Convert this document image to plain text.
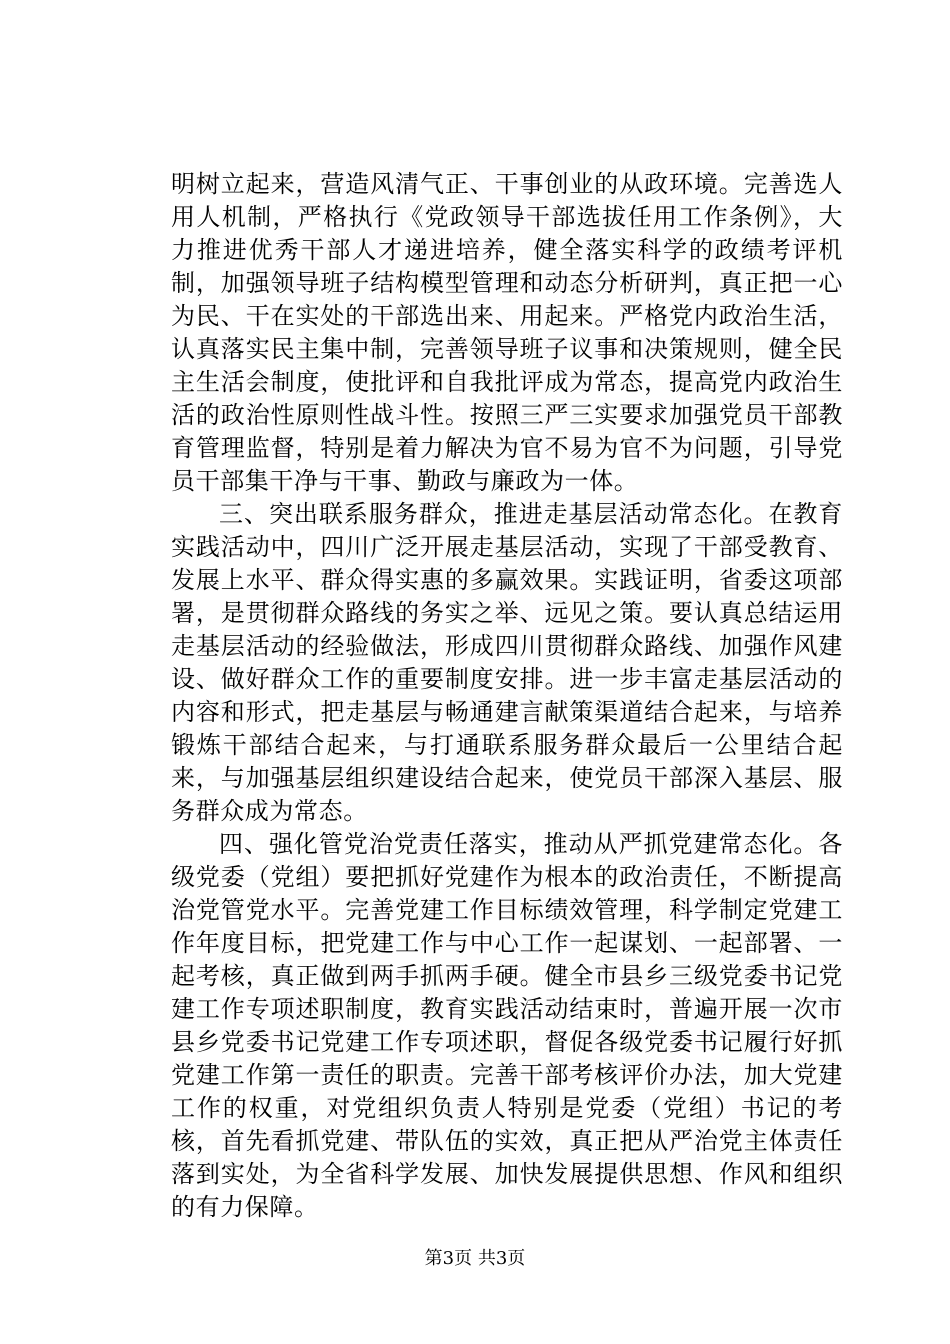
明树立起来，营造风清气正、干事创业的从政环境。完善选人用人机制，严格执行《党政领导干部选拔任用工作条例》，大力推进优秀干部人才递进培养，健全落实科学的政绩考评机制，加强领导班子结构模型管理和动态分析研判，真正把一心为民、干在实处的干部选出来、用起来。严格党内政治生活，认真落实民主集中制，完善领导班子议事和决策规则，健全民主生活会制度，使批评和自我批评成为常态，提高党内政治生活的政治性原则性战斗性。按照三严三实要求加强党员干部教育管理监督，特别是着力解决为官不易为官不为问题，引导党员干部集干净与干事、勤政与廉政为一体。

三、突出联系服务群众，推进走基层活动常态化。在教育实践活动中，四川广泛开展走基层活动，实现了干部受教育、发展上水平、群众得实惠的多赢效果。实践证明，省委这项部署，是贯彻群众路线的务实之举、远见之策。要认真总结运用走基层活动的经验做法，形成四川贯彻群众路线、加强作风建设、做好群众工作的重要制度安排。进一步丰富走基层活动的内容和形式，把走基层与畅通建言献策渠道结合起来，与培养锻炼干部结合起来，与打通联系服务群众最后一公里结合起来，与加强基层组织建设结合起来，使党员干部深入基层、服务群众成为常态。

四、强化管党治党责任落实，推动从严抓党建常态化。各级党委（党组）要把抓好党建作为根本的政治责任，不断提高治党管党水平。完善党建工作目标绩效管理，科学制定党建工作年度目标，把党建工作与中心工作一起谋划、一起部署、一起考核，真正做到两手抓两手硬。健全市县乡三级党委书记党建工作专项述职制度，教育实践活动结束时，普遍开展一次市县乡党委书记党建工作专项述职，督促各级党委书记履行好抓党建工作第一责任的职责。完善干部考核评价办法，加大党建工作的权重，对党组织负责人特别是党委（党组）书记的考核，首先看抓党建、带队伍的实效，真正把从严治党主体责任落到实处，为全省科学发展、加快发展提供思想、作风和组织的有力保障。

第3页 共3页
